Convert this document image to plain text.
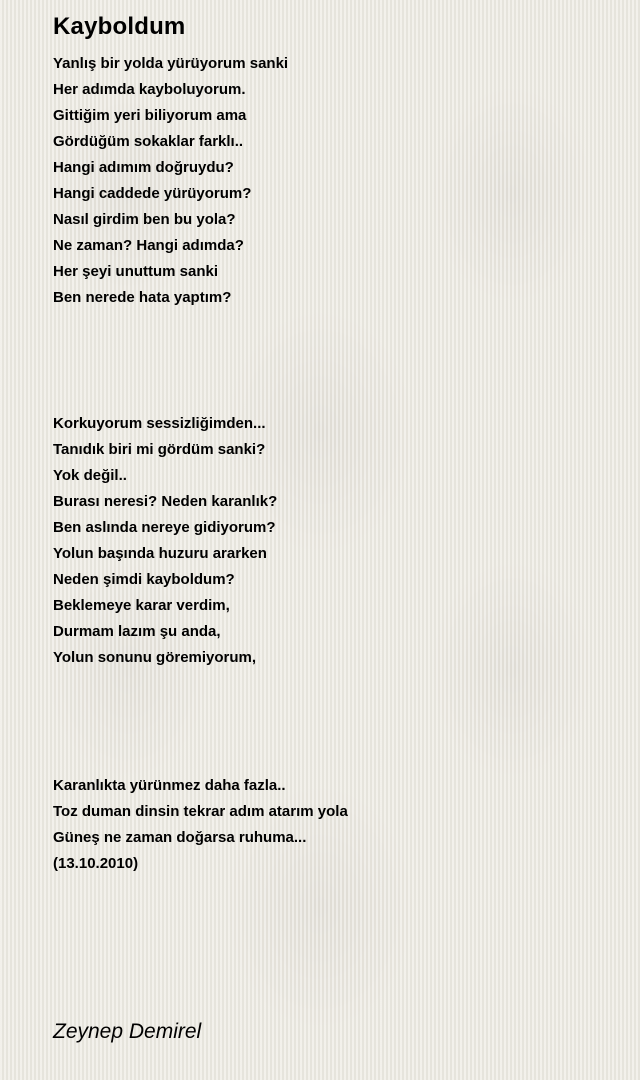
Kayboldum
Yanlış bir yolda yürüyorum sanki
Her adımda kayboluyorum.
Gittiğim yeri biliyorum ama
Gördüğüm sokaklar farklı..
Hangi adımım doğruydu?
Hangi caddede yürüyorum?
Nasıl girdim ben bu yola?
Ne zaman? Hangi adımda?
Her şeyi unuttum sanki
Ben nerede hata yaptım?
Korkuyorum sessizliğimden...
Tanıdık biri mi gördüm sanki?
Yok değil..
Burası neresi? Neden karanlık?
Ben aslında nereye gidiyorum?
Yolun başında huzuru ararken
Neden şimdi kayboldum?
Beklemeye karar verdim,
Durmam lazım şu anda,
Yolun sonunu göremiyorum,
Karanlıkta yürünmez daha fazla..
Toz duman dinsin tekrar adım atarım yola
Güneş ne zaman doğarsa ruhuma...
(13.10.2010)
Zeynep Demirel
